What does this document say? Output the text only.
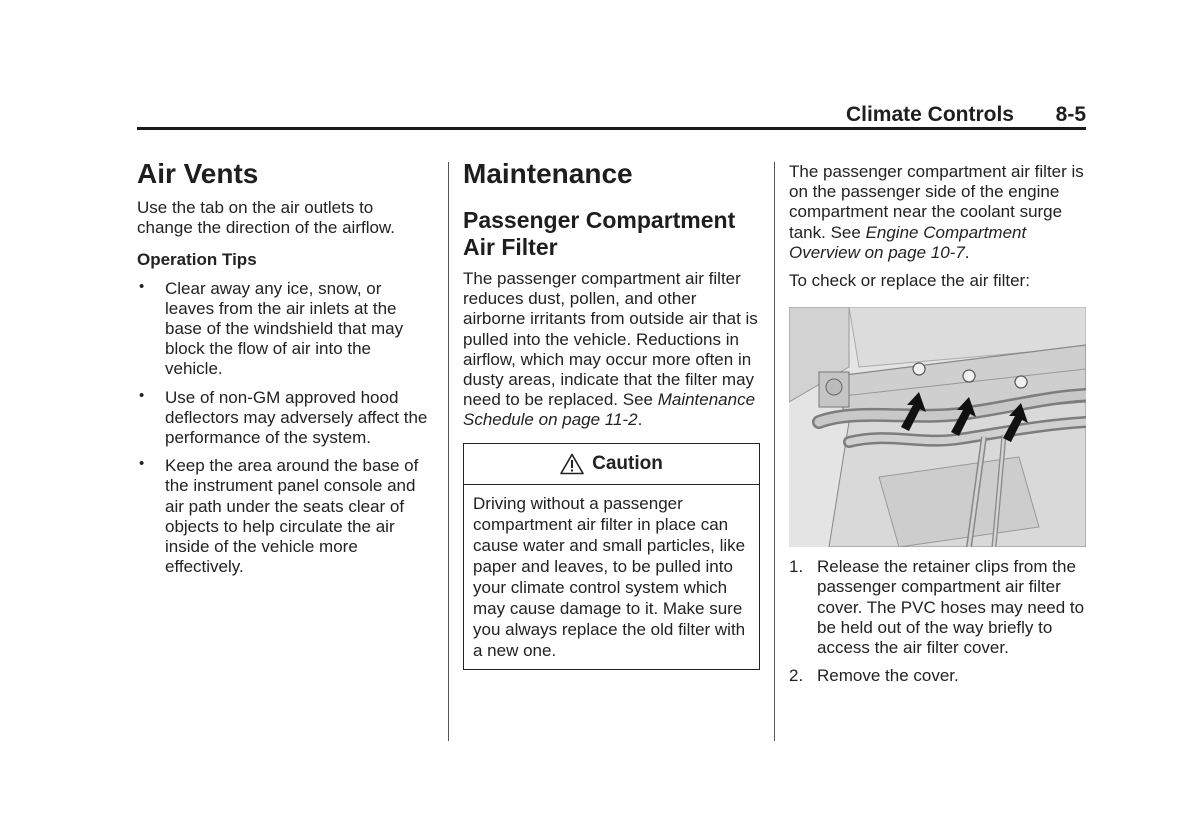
Climate Controls 8-5
Air Vents

Use the tab on the air outlets to change the direction of the airflow.

Operation Tips

• Clear away any ice, snow, or leaves from the air inlets at the base of the windshield that may block the flow of air into the vehicle.
• Use of non-GM approved hood deflectors may adversely affect the performance of the system.
• Keep the area around the base of the instrument panel console and air path under the seats clear of objects to help circulate the air inside of the vehicle more effectively.
Maintenance
Passenger Compartment Air Filter

The passenger compartment air filter reduces dust, pollen, and other airborne irritants from outside air that is pulled into the vehicle. Reductions in airflow, which may occur more often in dusty areas, indicate that the filter may need to be replaced. See Maintenance Schedule on page 11-2.

Caution
Driving without a passenger compartment air filter in place can cause water and small particles, like paper and leaves, to be pulled into your climate control system which may cause damage to it. Make sure you always replace the old filter with a new one.

The passenger compartment air filter is on the passenger side of the engine compartment near the coolant surge tank. See Engine Compartment Overview on page 10-7.

To check or replace the air filter:

1. Release the retainer clips from the passenger compartment air filter cover. The PVC hoses may need to be held out of the way briefly to access the air filter cover.
2. Remove the cover.
